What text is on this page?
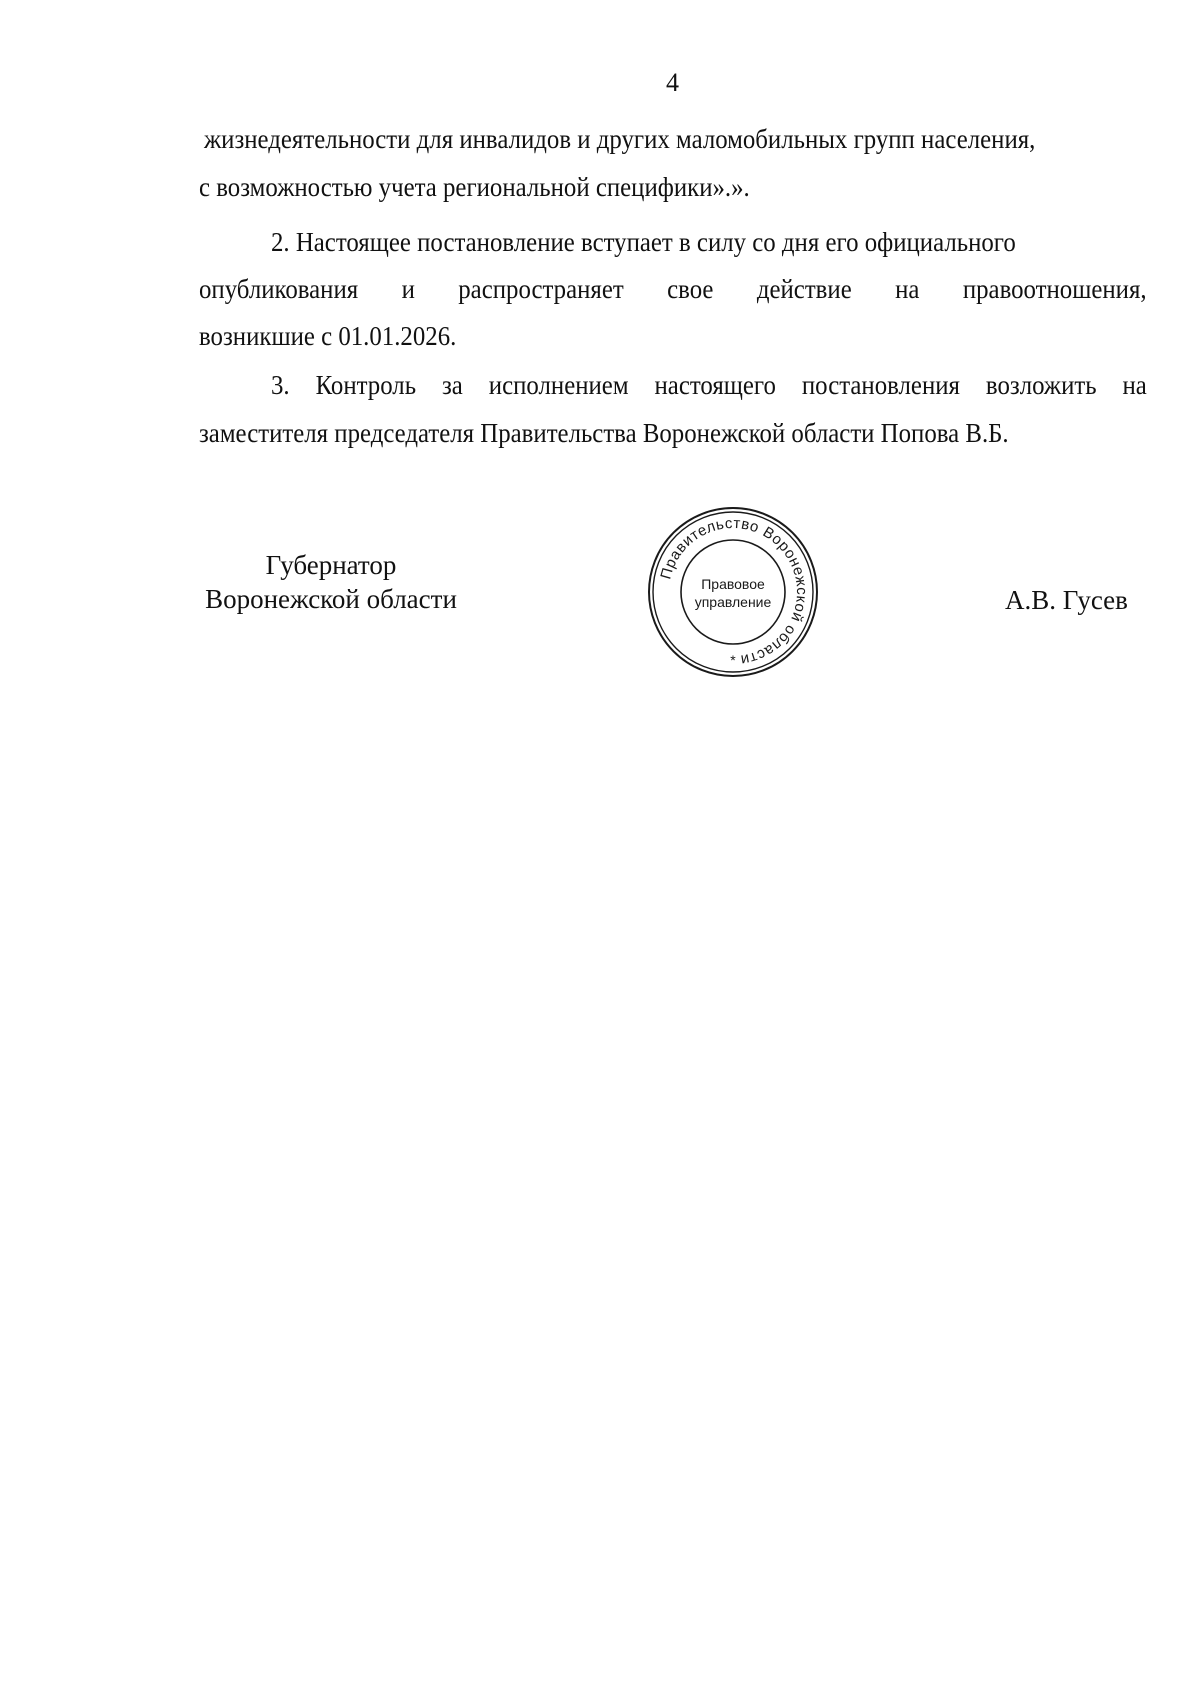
4
жизнедеятельности для инвалидов и других маломобильных групп населения,
с возможностью учета региональной специфики».».
2. Настоящее постановление вступает в силу со дня его официального
опубликования и распространяет свое действие на правоотношения,
возникшие с 01.01.2026.
3. Контроль за исполнением настоящего постановления возложить на
заместителя председателя Правительства Воронежской области Попова В.Б.
Губернатор
Воронежской области
Правительство Воронежской области
Правовое
управление
*
А.В. Гусев
